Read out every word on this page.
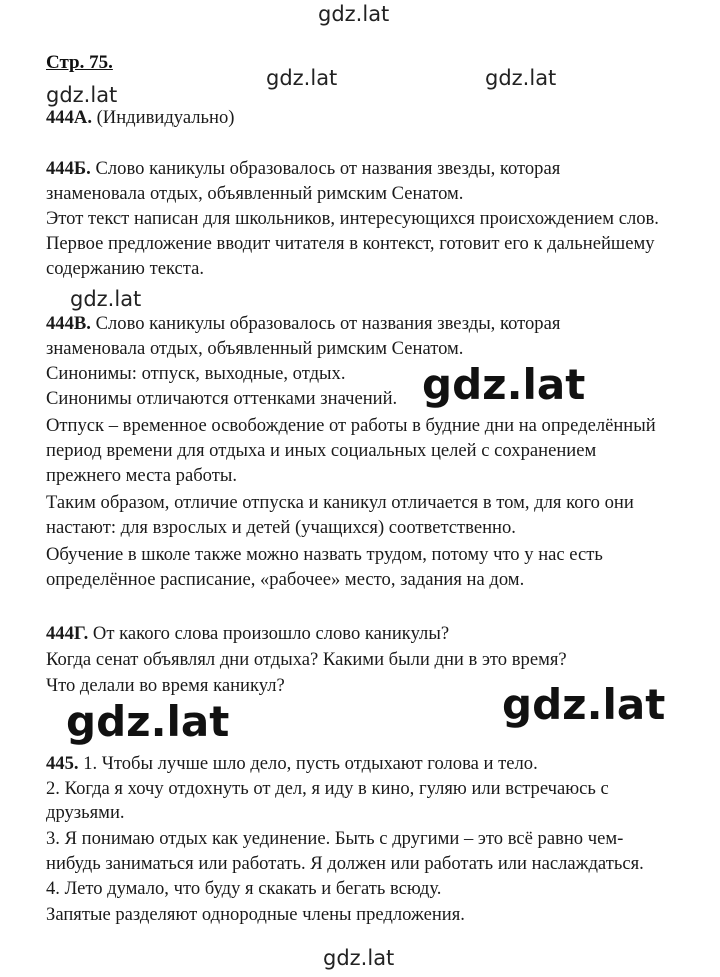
Стр. 75.
444А. (Индивидуально)
444Б. Слово каникулы образовалось от названия звезды, которая
знаменовала отдых, объявленный римским Сенатом.
Этот текст написан для школьников, интересующихся происхождением слов.
Первое предложение вводит читателя в контекст, готовит его к дальнейшему
содержанию текста.
444В. Слово каникулы образовалось от названия звезды, которая
знаменовала отдых, объявленный римским Сенатом.
Синонимы: отпуск, выходные, отдых.
Синонимы отличаются оттенками значений.
Отпуск – временное освобождение от работы в будние дни на определённый
период времени для отдыха и иных социальных целей с сохранением
прежнего места работы.
Таким образом, отличие отпуска и каникул отличается в том, для кого они
настают: для взрослых и детей (учащихся) соответственно.
Обучение в школе также можно назвать трудом, потому что у нас есть
определённое расписание, «рабочее» место, задания на дом.
444Г. От какого слова произошло слово каникулы?
Когда сенат объявлял дни отдыха? Какими были дни в это время?
Что делали во время каникул?
445. 1. Чтобы лучше шло дело, пусть отдыхают голова и тело.
2. Когда я хочу отдохнуть от дел, я иду в кино, гуляю или встречаюсь с
друзьями.
3. Я понимаю отдых как уединение. Быть с другими – это всё равно чем-
нибудь заниматься или работать. Я должен или работать или наслаждаться.
4. Лето думало, что буду я скакать и бегать всюду.
Запятые разделяют однородные члены предложения.
gdz.lat
gdz.lat	gdz.lat
gdz.lat
gdz.lat
gdz.lat
gdz.lat
gdz.lat
gdz.lat
